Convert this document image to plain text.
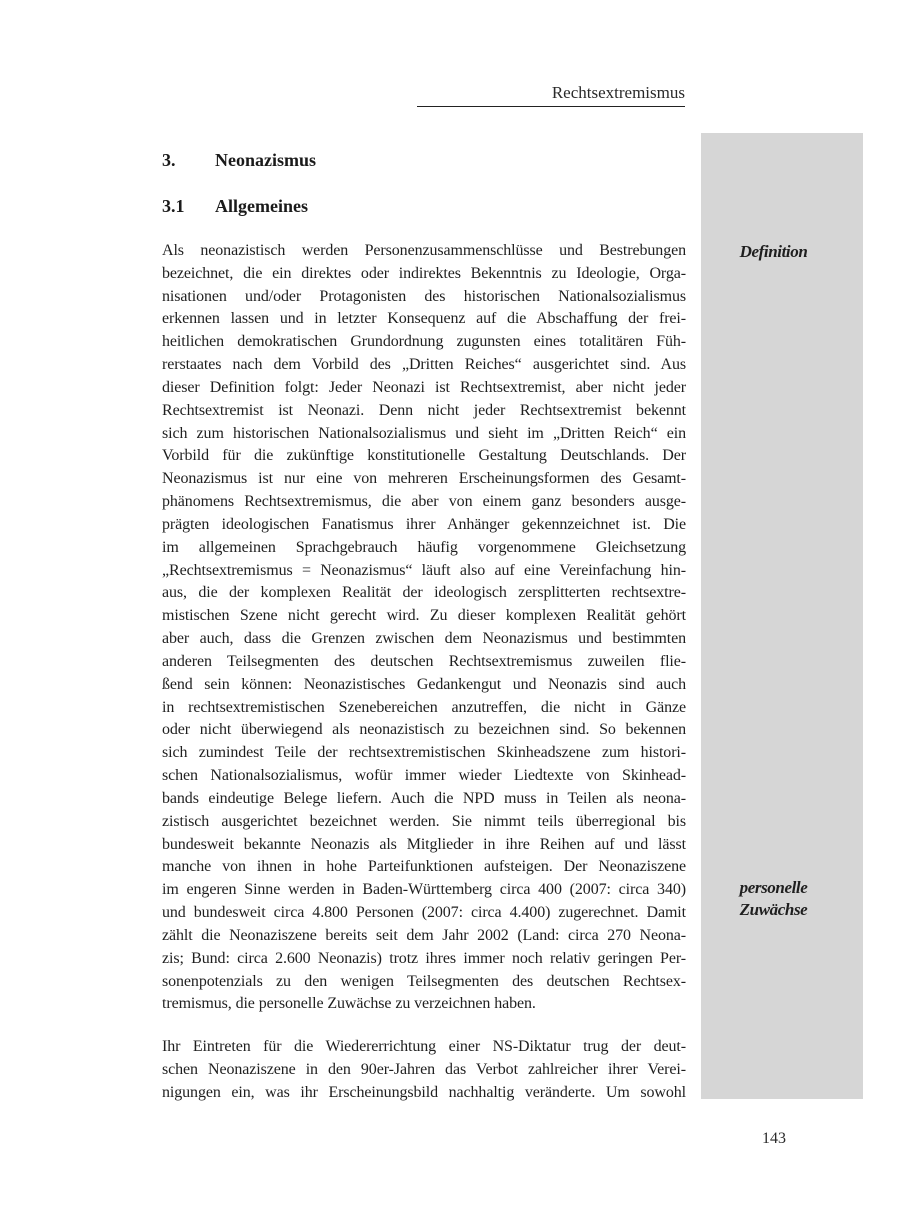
Rechtsextremismus
3. Neonazismus
3.1 Allgemeines
Definition
personelle
Zuwächse
Als neonazistisch werden Personenzusammenschlüsse und Bestrebungen
bezeichnet, die ein direktes oder indirektes Bekenntnis zu Ideologie, Orga-
nisationen und/oder Protagonisten des historischen Nationalsozialismus
erkennen lassen und in letzter Konsequenz auf die Abschaffung der frei-
heitlichen demokratischen Grundordnung zugunsten eines totalitären Füh-
rerstaates nach dem Vorbild des „Dritten Reiches“ ausgerichtet sind. Aus
dieser Definition folgt: Jeder Neonazi ist Rechtsextremist, aber nicht jeder
Rechtsextremist ist Neonazi. Denn nicht jeder Rechtsextremist bekennt
sich zum historischen Nationalsozialismus und sieht im „Dritten Reich“ ein
Vorbild für die zukünftige konstitutionelle Gestaltung Deutschlands. Der
Neonazismus ist nur eine von mehreren Erscheinungsformen des Gesamt-
phänomens Rechtsextremismus, die aber von einem ganz besonders ausge-
prägten ideologischen Fanatismus ihrer Anhänger gekennzeichnet ist. Die
im allgemeinen Sprachgebrauch häufig vorgenommene Gleichsetzung
„Rechtsextremismus = Neonazismus“ läuft also auf eine Vereinfachung hin-
aus, die der komplexen Realität der ideologisch zersplitterten rechtsextre-
mistischen Szene nicht gerecht wird. Zu dieser komplexen Realität gehört
aber auch, dass die Grenzen zwischen dem Neonazismus und bestimmten
anderen Teilsegmenten des deutschen Rechtsextremismus zuweilen flie-
ßend sein können: Neonazistisches Gedankengut und Neonazis sind auch
in rechtsextremistischen Szenebereichen anzutreffen, die nicht in Gänze
oder nicht überwiegend als neonazistisch zu bezeichnen sind. So bekennen
sich zumindest Teile der rechtsextremistischen Skinheadszene zum histori-
schen Nationalsozialismus, wofür immer wieder Liedtexte von Skinhead-
bands eindeutige Belege liefern. Auch die NPD muss in Teilen als neona-
zistisch ausgerichtet bezeichnet werden. Sie nimmt teils überregional bis
bundesweit bekannte Neonazis als Mitglieder in ihre Reihen auf und lässt
manche von ihnen in hohe Parteifunktionen aufsteigen. Der Neonaziszene
im engeren Sinne werden in Baden-Württemberg circa 400 (2007: circa 340)
und bundesweit circa 4.800 Personen (2007: circa 4.400) zugerechnet. Damit
zählt die Neonaziszene bereits seit dem Jahr 2002 (Land: circa 270 Neona-
zis; Bund: circa 2.600 Neonazis) trotz ihres immer noch relativ geringen Per-
sonenpotenzials zu den wenigen Teilsegmenten des deutschen Rechtsex-
tremismus, die personelle Zuwächse zu verzeichnen haben.
Ihr Eintreten für die Wiedererrichtung einer NS-Diktatur trug der deut-
schen Neonaziszene in den 90er-Jahren das Verbot zahlreicher ihrer Verei-
nigungen ein, was ihr Erscheinungsbild nachhaltig veränderte. Um sowohl
143
